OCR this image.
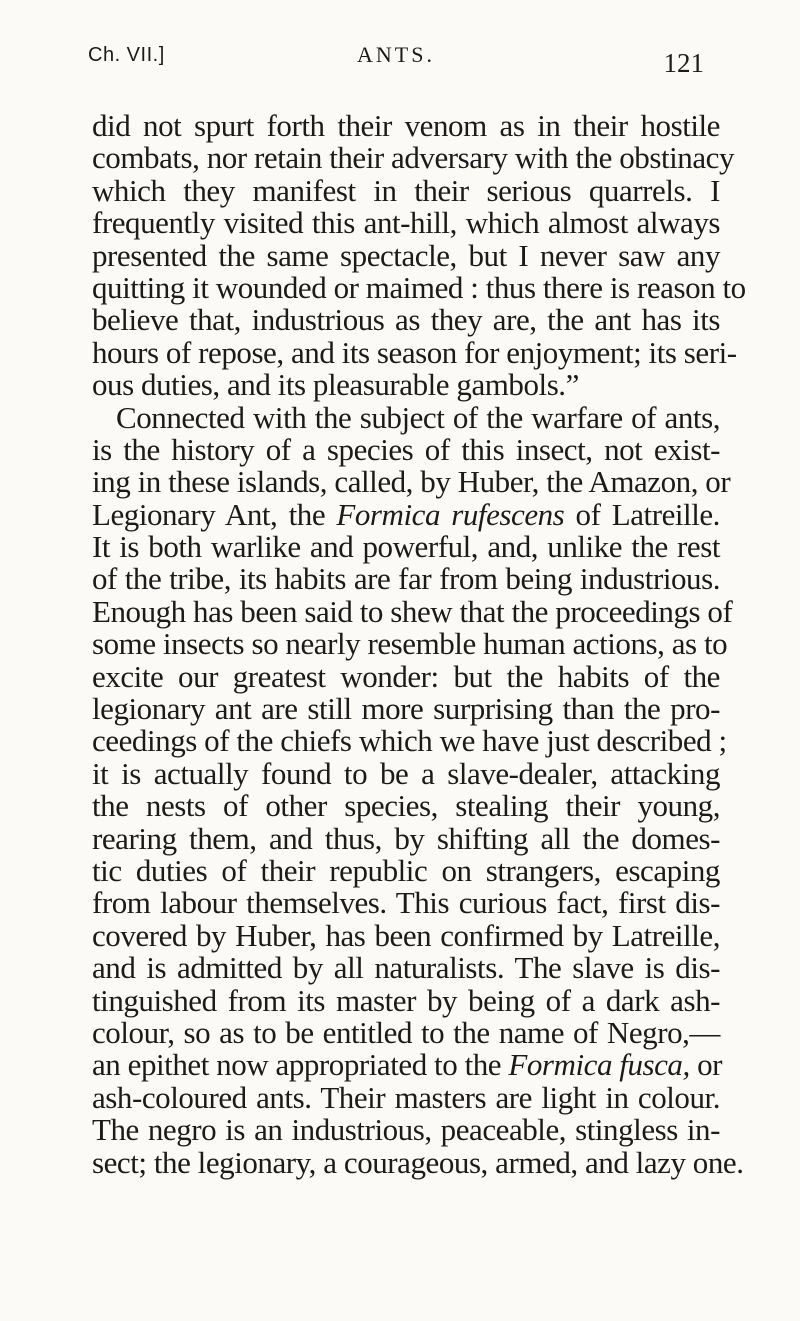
Ch. VII.]	ANTS.	121
did not spurt forth their venom as in their hostile
combats, nor retain their adversary with the obstinacy
which they manifest in their serious quarrels. I
frequently visited this ant-hill, which almost always
presented the same spectacle, but I never saw any
quitting it wounded or maimed : thus there is reason to
believe that, industrious as they are, the ant has its
hours of repose, and its season for enjoyment; its seri-
ous duties, and its pleasurable gambols.”
Connected with the subject of the warfare of ants,
is the history of a species of this insect, not exist-
ing in these islands, called, by Huber, the Amazon, or
Legionary Ant, the Formica rufescens of Latreille.
It is both warlike and powerful, and, unlike the rest
of the tribe, its habits are far from being industrious.
Enough has been said to shew that the proceedings of
some insects so nearly resemble human actions, as to
excite our greatest wonder: but the habits of the
legionary ant are still more surprising than the pro-
ceedings of the chiefs which we have just described ;
it is actually found to be a slave-dealer, attacking
the nests of other species, stealing their young,
rearing them, and thus, by shifting all the domes-
tic duties of their republic on strangers, escaping
from labour themselves. This curious fact, first dis-
covered by Huber, has been confirmed by Latreille,
and is admitted by all naturalists. The slave is dis-
tinguished from its master by being of a dark ash-
colour, so as to be entitled to the name of Negro,—
an epithet now appropriated to the Formica fusca, or
ash-coloured ants. Their masters are light in colour.
The negro is an industrious, peaceable, stingless in-
sect; the legionary, a courageous, armed, and lazy one.
